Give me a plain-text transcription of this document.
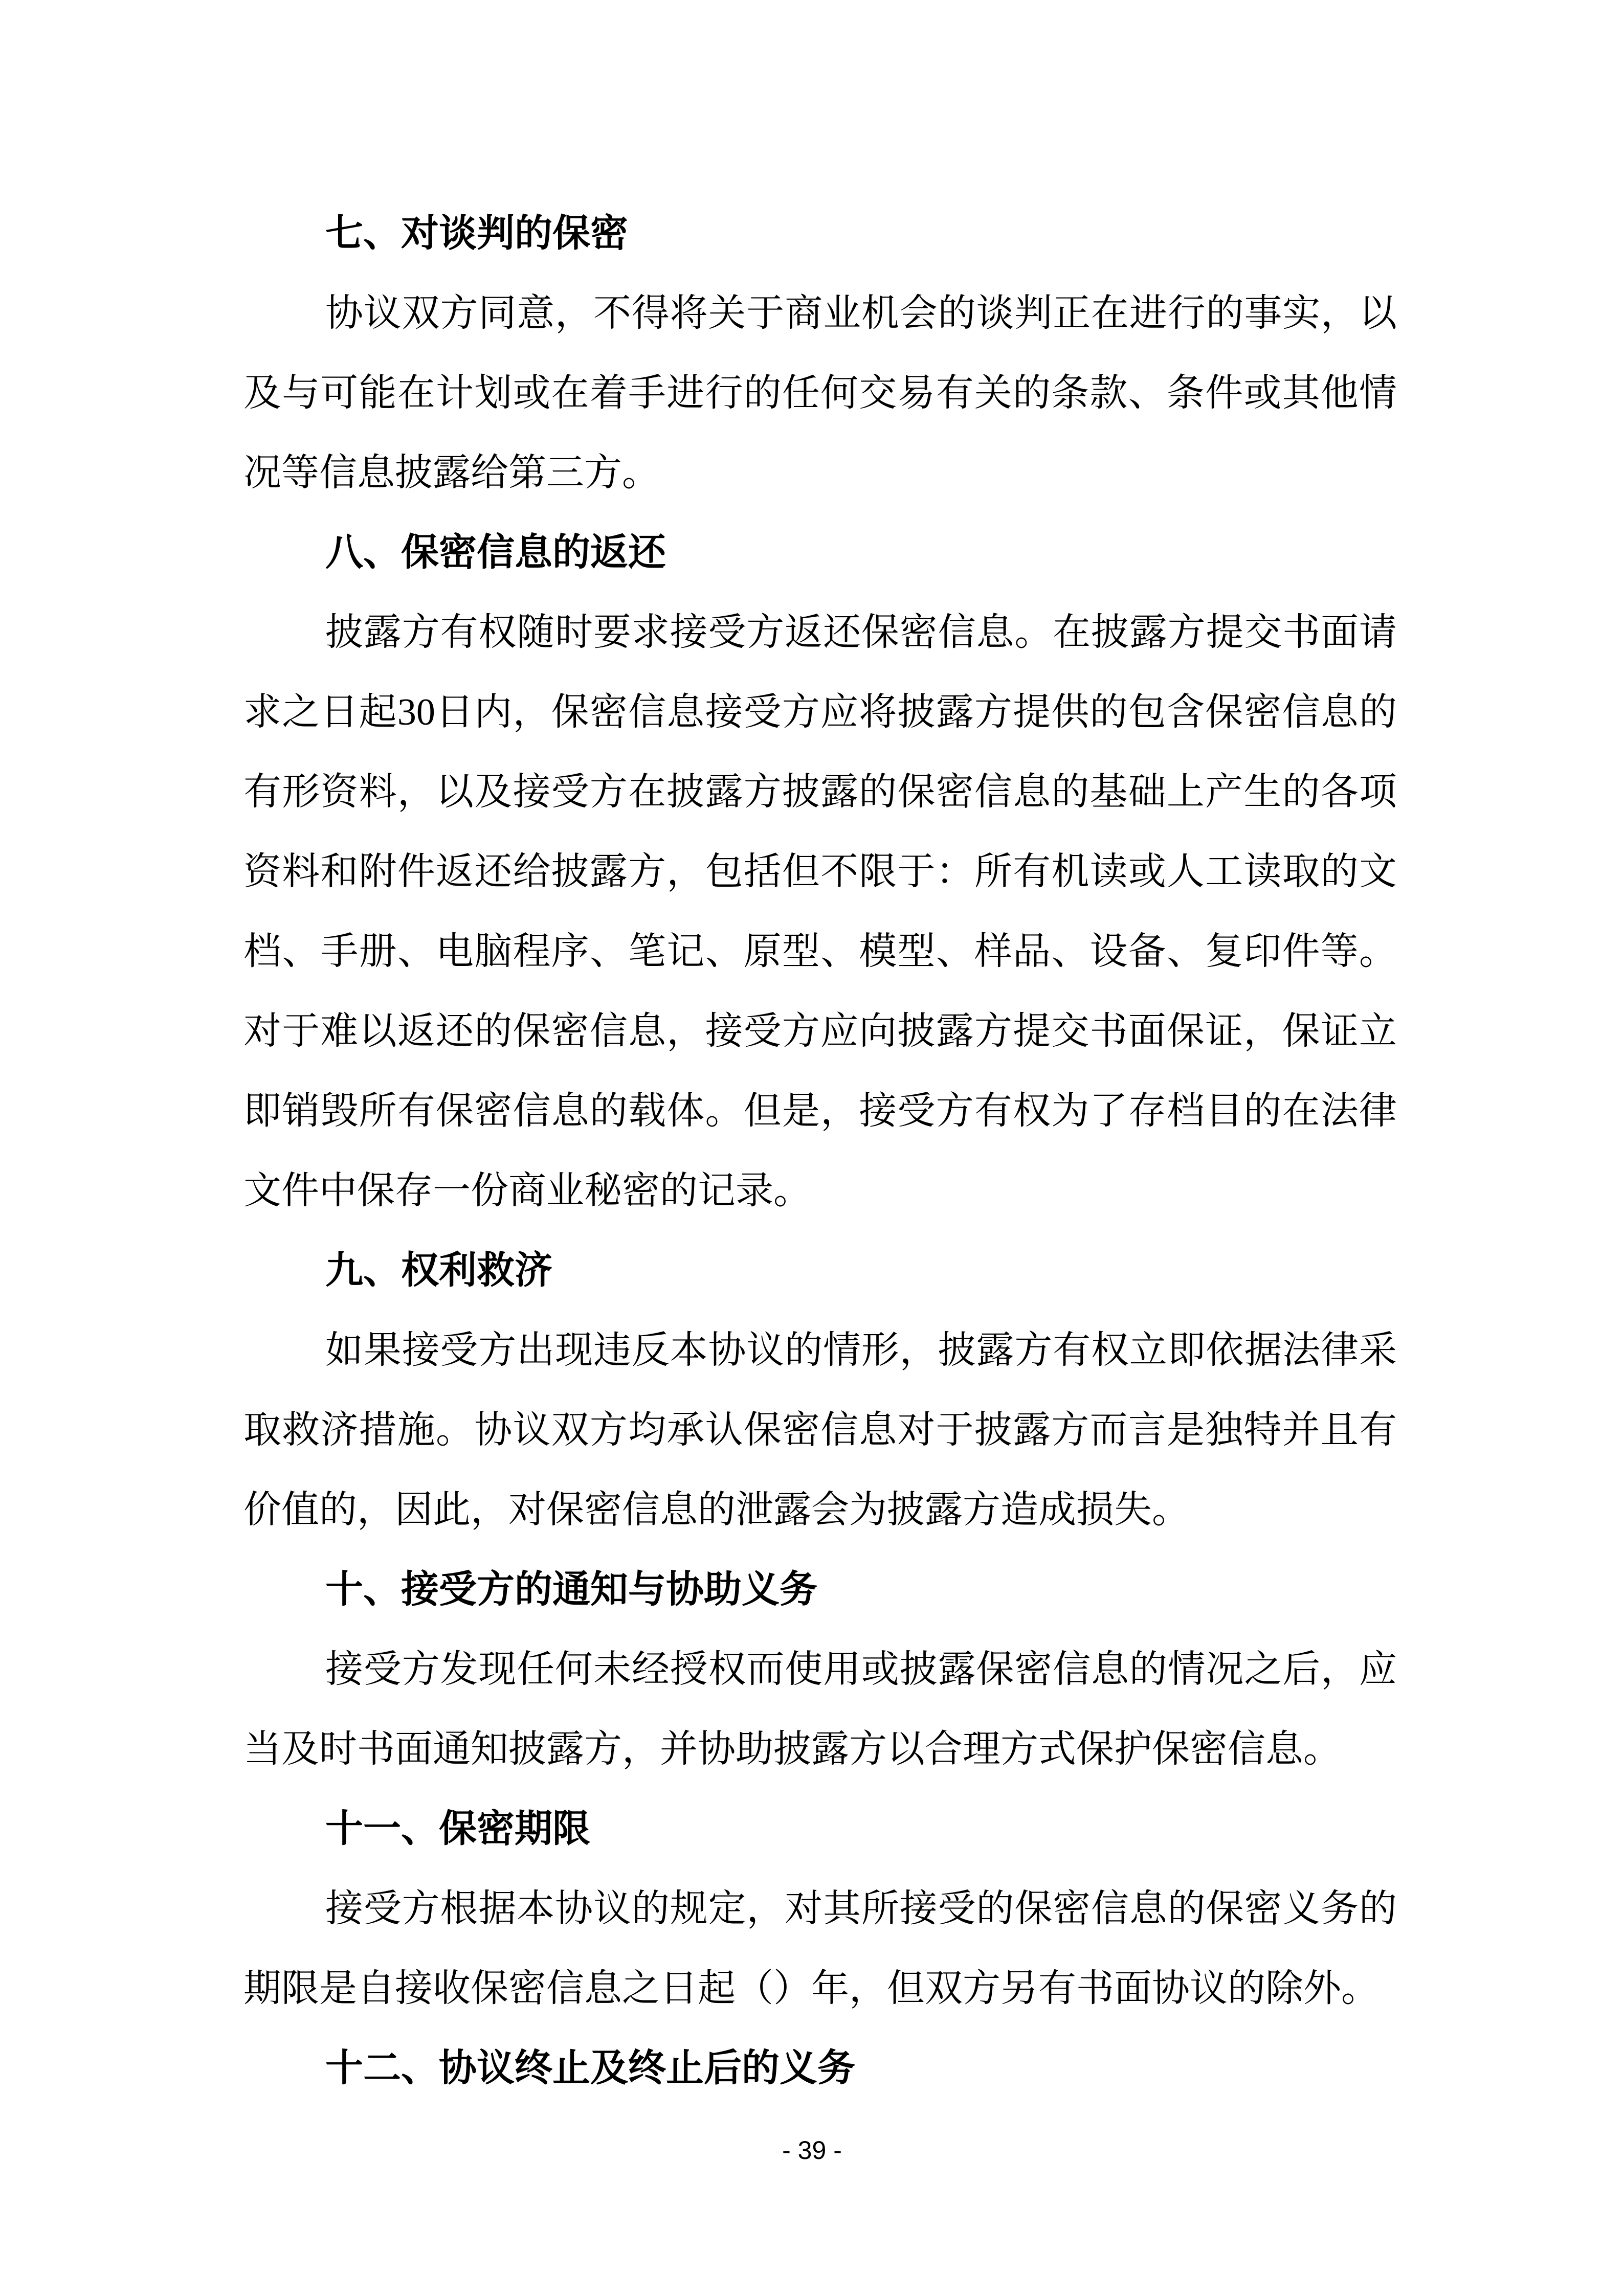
七、对谈判的保密
协议双方同意，不得将关于商业机会的谈判正在进行的事实，以
及与可能在计划或在着手进行的任何交易有关的条款、条件或其他情
况等信息披露给第三方。
八、保密信息的返还
披露方有权随时要求接受方返还保密信息。在披露方提交书面请
求之日起30日内，保密信息接受方应将披露方提供的包含保密信息的
有形资料，以及接受方在披露方披露的保密信息的基础上产生的各项
资料和附件返还给披露方，包括但不限于：所有机读或人工读取的文
档、手册、电脑程序、笔记、原型、模型、样品、设备、复印件等。
对于难以返还的保密信息，接受方应向披露方提交书面保证，保证立
即销毁所有保密信息的载体。但是，接受方有权为了存档目的在法律
文件中保存一份商业秘密的记录。
九、权利救济
如果接受方出现违反本协议的情形，披露方有权立即依据法律采
取救济措施。协议双方均承认保密信息对于披露方而言是独特并且有
价值的，因此，对保密信息的泄露会为披露方造成损失。
十、接受方的通知与协助义务
接受方发现任何未经授权而使用或披露保密信息的情况之后，应
当及时书面通知披露方，并协助披露方以合理方式保护保密信息。
十一、保密期限
接受方根据本协议的规定，对其所接受的保密信息的保密义务的
期限是自接收保密信息之日起（）年，但双方另有书面协议的除外。
十二、协议终止及终止后的义务
- 39 -
